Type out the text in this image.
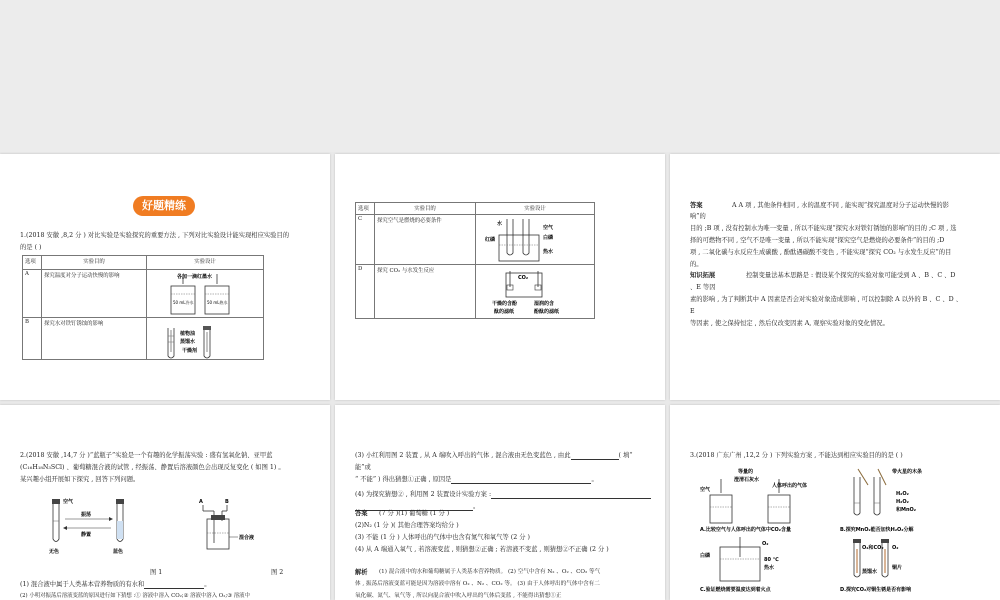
好题精练
1.(2018 安徽 ,8,2 分 ) 对比实验是实验探究的重要方法 , 下列对比实验设计能实现相应实验目的
的是 ( )
选项	实验目的	实验设计
A	探究温度对分子运动快慢的影响	
B	探究水对铁钉锈蚀的影响	
各加一滴红墨水
50 mL冷水	50 mL热水
植物油
蒸馏水
干燥剂
选项	实验目的	实验设计
C	探究空气是燃烧的必要条件	
D	探究 CO₂ 与水发生反应	
水
空气
白磷
红磷
热水
CO₂
干燥的含酚
酞的滤纸
湿润的含
酚酞的滤纸
答案	A A 项 , 其他条件相同 , 水的温度不同 , 能实现“探究温度对分子运动快慢的影
响”的
目的 ;B 项 , 没有控制水为唯一变量 , 所以不能实现“探究水对铁钉锈蚀的影响”的目的 ;C 项 , 选
择的可燃物不同 , 空气不是唯一变量 , 所以不能实现“探究空气是燃烧的必要条件”的目的 ;D
项 , 二氧化碳与水反应生成碳酸 , 酚酞遇碳酸不变色 , 不能实现“探究 CO₂ 与水发生反应”的目
的。
知识拓展	控制变量法基本思路是 : 假设某个探究的实验对象可能受到 A 、B 、C 、D
、E 等因
素的影响 , 为了判断其中 A 因素是否会对实验对象造成影响 , 可以控制除 A 以外的 B 、C 、D 、
E
等因素 , 使之保持恒定 , 然后仅改变因素 A, 观察实验对象的变化情况。
2.(2018 安徽 ,14,7 分 )“蓝瓶子”实验是一个有趣的化学振荡实验 : 盛有氢氧化钠、亚甲蓝
(C₁₆H₁₈N₃SCl) 、葡萄糖混合液的试管 , 经振荡、静置后溶液颜色会出现反复变化 ( 如图 1) 。
某兴趣小组开展如下探究 , 回答下列问题。
空气
振荡
静置
无色	蓝色
A	B
混合液
图 1	图 2
(1) 混合液中属于人类基本营养物质的有水和	。
(2) 小明对振荡后溶液变蓝的原因进行如下猜想 :① 溶液中溶入 CO₂;② 溶液中溶入 O₂;③ 溶液中
(3) 小红利用图 2 装置 , 从 A 端吹入呼出的气体 , 混合液由无色变蓝色 , 由此	( 填“
能”或
“ 不能” ) 得出猜想①正确 , 原因是	。
(4) 为探究猜想② , 利用图 2 装置设计实验方案 :
。
答案 (7 分 )(1) 葡萄糖 (1 分 )
(2)N₂ (1 分 )( 其他合理答案均给分 )
(3) 不能 (1 分 ) 人体呼出的气体中也含有氮气和氧气等 (2 分 )
(4) 从 A 端通入氧气 , 若溶液变蓝 , 则猜想②正确 ; 若溶液不变蓝 , 则猜想②不正确 (2 分 )
解析 (1) 混合液中的水和葡萄糖属于人类基本营养物质。 (2) 空气中含有 N₂ 、O₂ 、CO₂ 等气
体 , 振荡后溶液变蓝可能是因为溶液中溶有 O₂ 、N₂ 、CO₂ 等。 (3) 由于人体呼出的气体中含有二
氧化碳、氮气、氧气等 , 所以向混合液中吹入呼出的气体后变蓝 , 不能得出猜想①正
3.(2018 广东广州 ,12,2 分 ) 下列实验方案 , 不能达到相应实验目的的是 ( )
等量的
澄清石灰水
空气
人体呼出的气体
A.比较空气与人体呼出的气体中CO₂含量
带火星的木条
H₂O₂
H₂O₂
和MnO₂
B.探究MnO₂能否加快H₂O₂分解
O₂
80 ℃
热水
白磷
C.验证燃烧需要温度达到着火点
O₂和CO₂ O₂
蒸馏水
铜片
D.探究CO₂对铜生锈是否有影响
